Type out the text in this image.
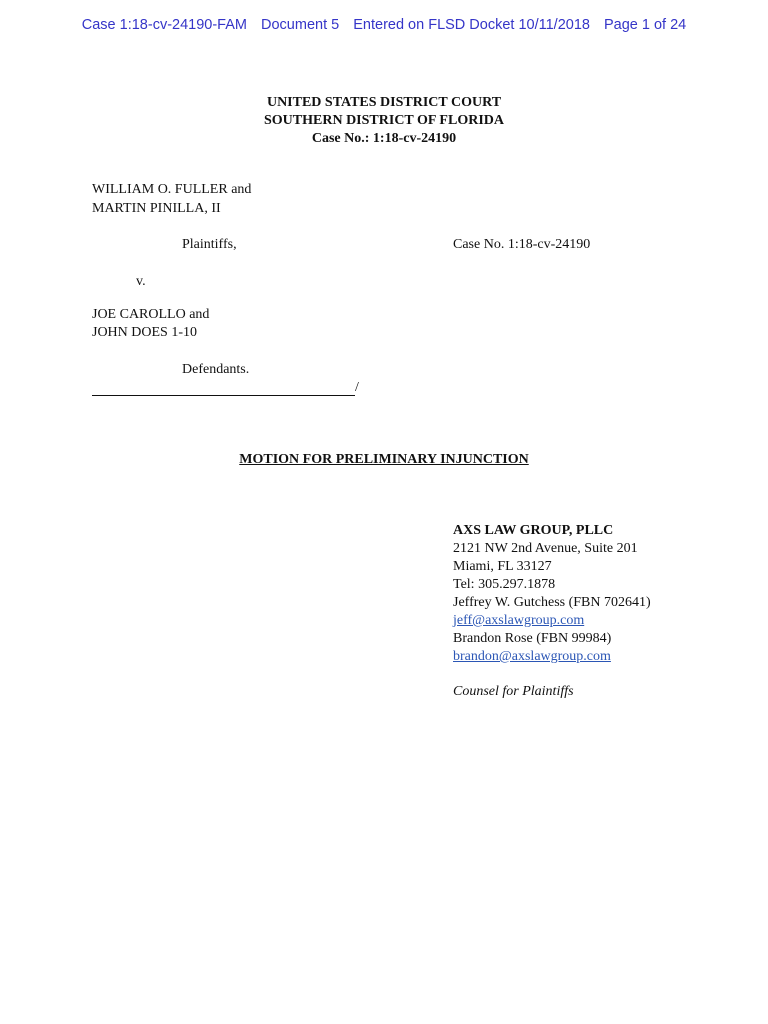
Case 1:18-cv-24190-FAM Document 5 Entered on FLSD Docket 10/11/2018 Page 1 of 24
UNITED STATES DISTRICT COURT
SOUTHERN DISTRICT OF FLORIDA
Case No.: 1:18-cv-24190
WILLIAM O. FULLER and
MARTIN PINILLA, II
Plaintiffs,	Case No. 1:18-cv-24190
v.
JOE CAROLLO and
JOHN DOES 1-10
Defendants.
/
MOTION FOR PRELIMINARY INJUNCTION
AXS LAW GROUP, PLLC
2121 NW 2nd Avenue, Suite 201
Miami, FL 33127
Tel: 305.297.1878
Jeffrey W. Gutchess (FBN 702641)
jeff@axslawgroup.com
Brandon Rose (FBN 99984)
brandon@axslawgroup.com
Counsel for Plaintiffs
